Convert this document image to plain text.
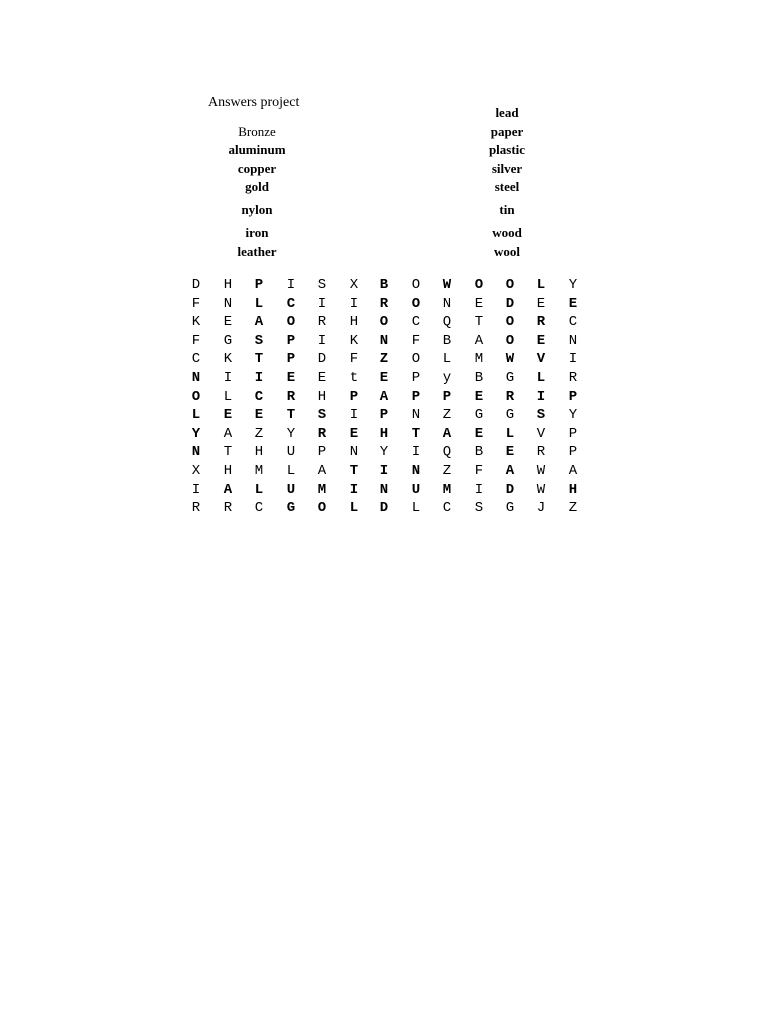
Answers project
Bronze
aluminum
copper
gold
nylon
iron
leather
lead
paper
plastic
silver
steel
tin
wood
wool
D	H	P	I	S	X	B	O	W	O	O	L	Y
F	N	L	C	I	I	R	O	N	E	D	E	E
K	E	A	O	R	H	O	C	Q	T	O	R	C
F	G	S	P	I	K	N	F	B	A	O	E	N
C	K	T	P	D	F	Z	O	L	M	W	V	I
N	I	I	E	E	t	E	P	y	B	G	L	R
O	L	C	R	H	P	A	P	P	E	R	I	P
L	E	E	T	S	I	P	N	Z	G	G	S	Y
Y	A	Z	Y	R	E	H	T	A	E	L	V	P
N	T	H	U	P	N	Y	I	Q	B	E	R	P
X	H	M	L	A	T	I	N	Z	F	A	W	A
I	A	L	U	M	I	N	U	M	I	D	W	H
R	R	C	G	O	L	D	L	C	S	G	J	Z
